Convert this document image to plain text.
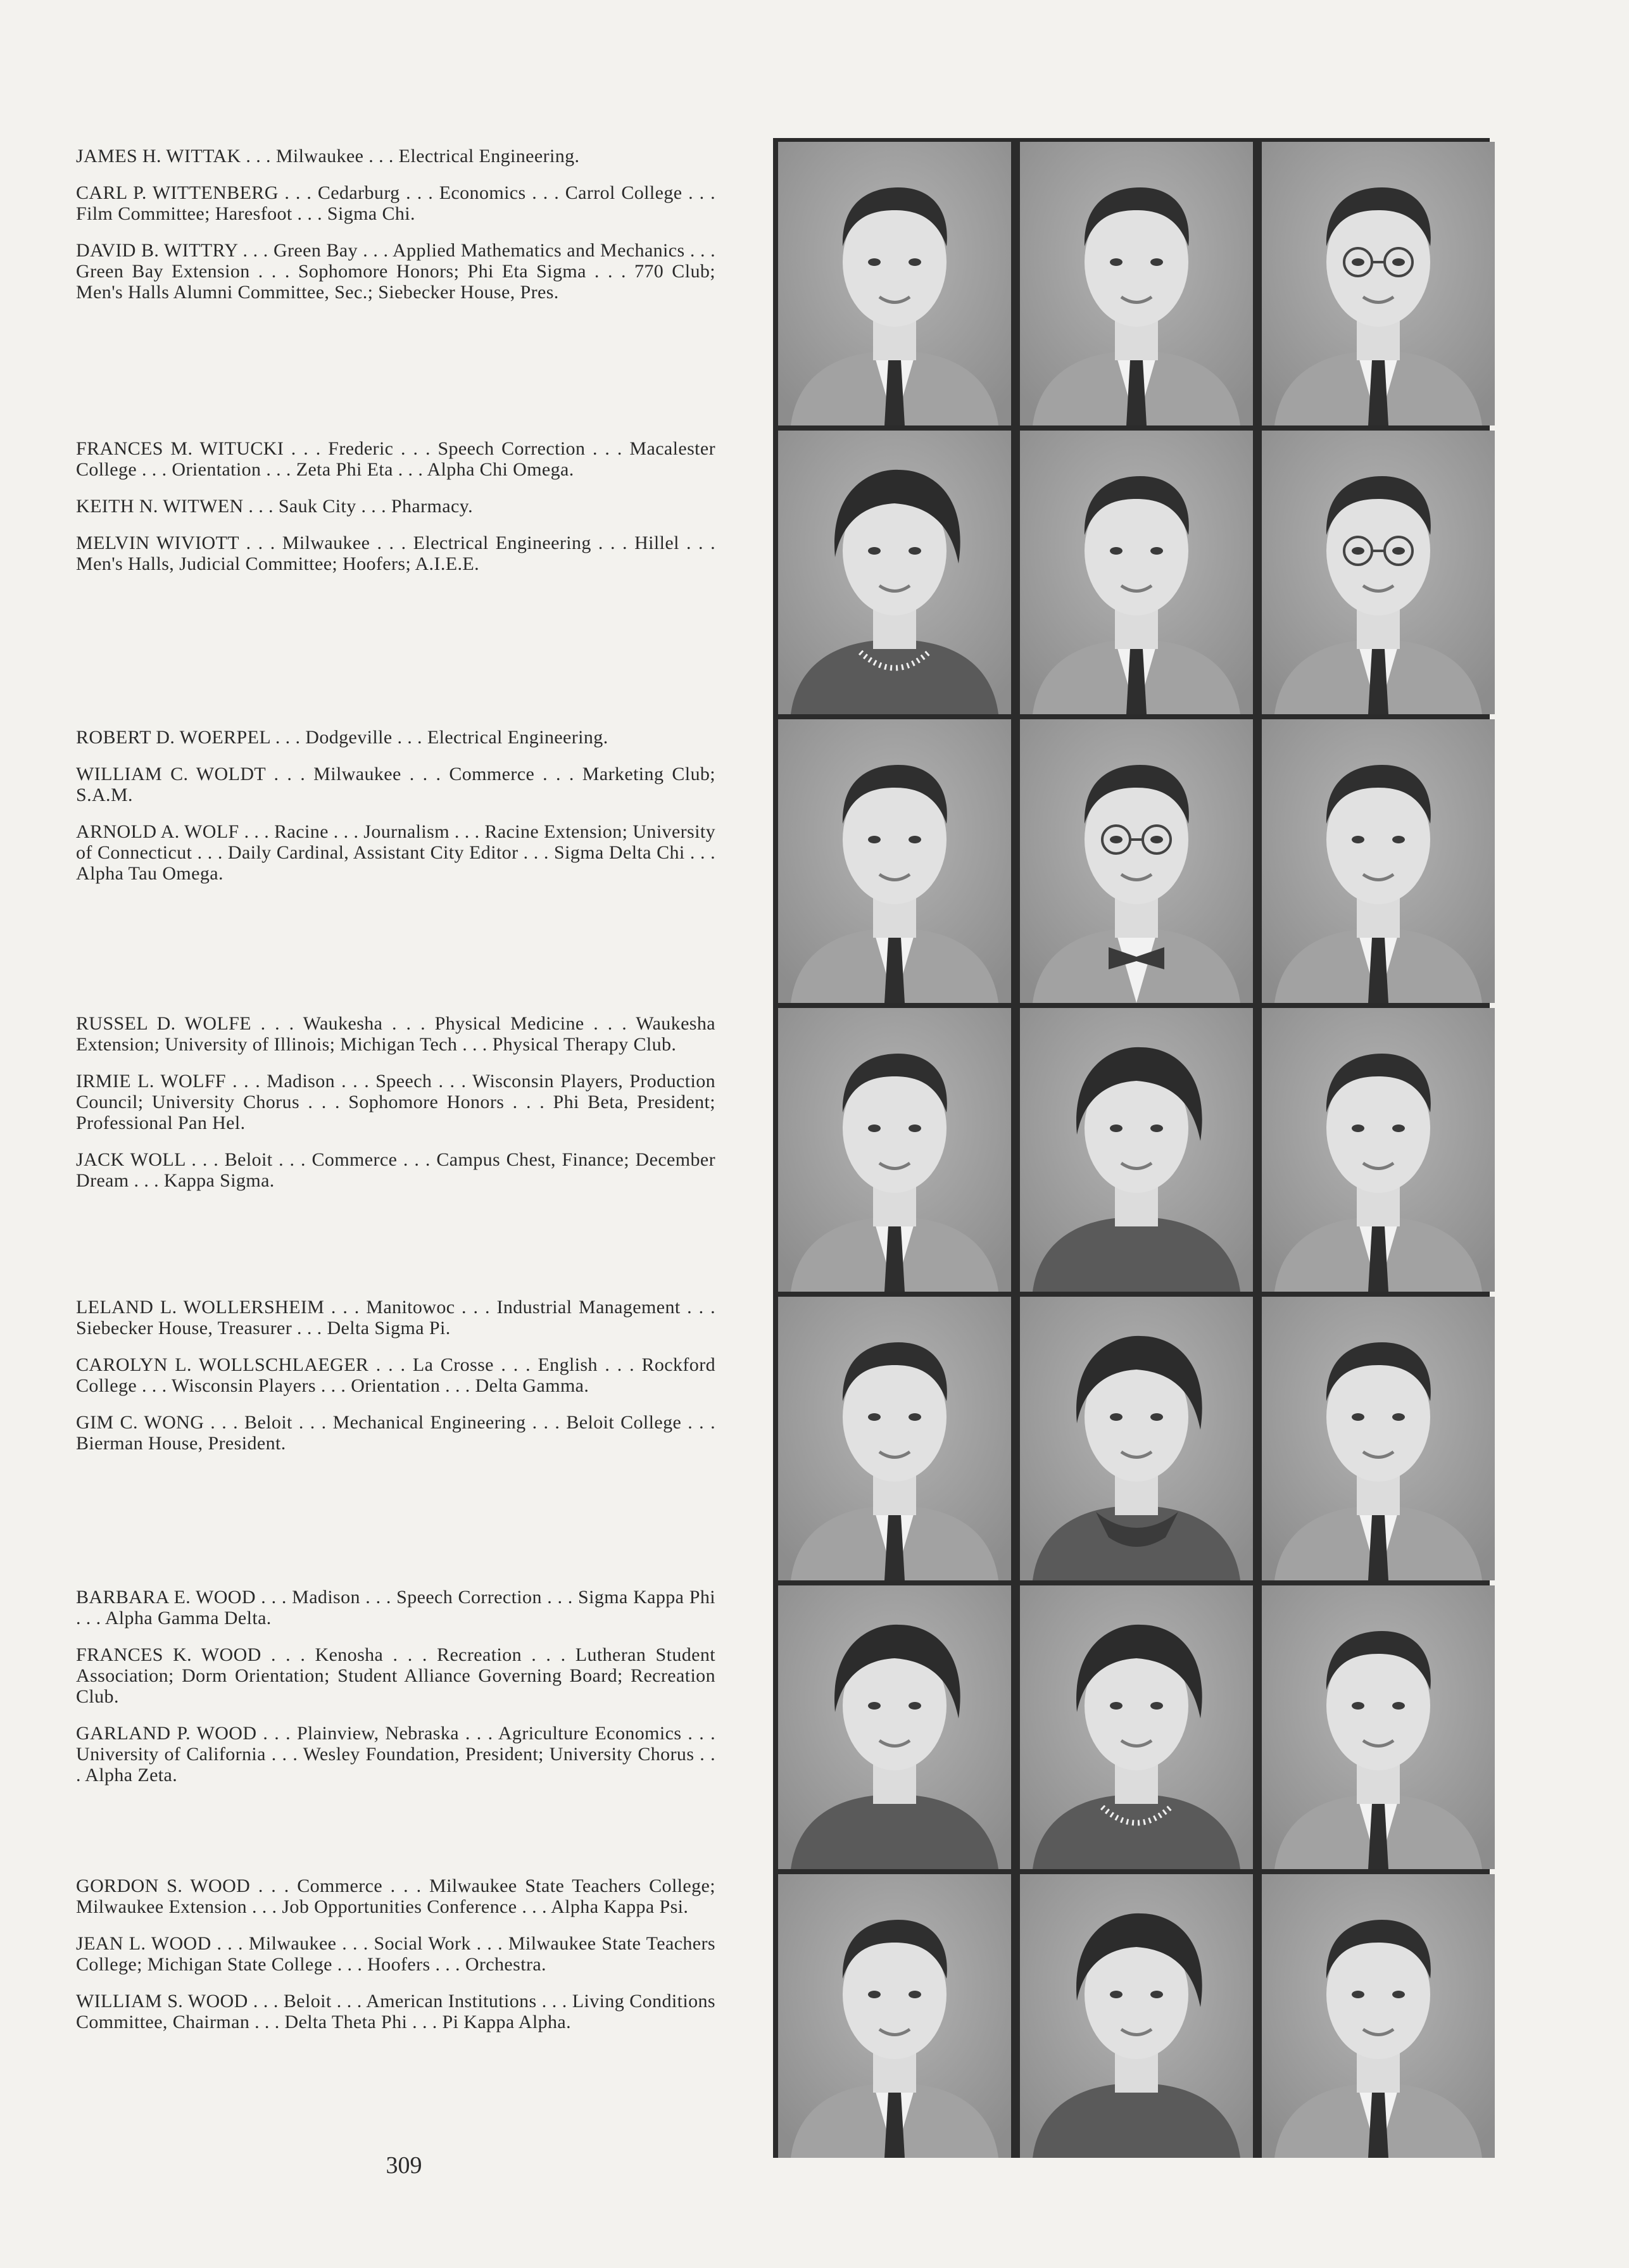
JAMES H. WITTAK . . . Milwaukee . . . Electrical Engineering.

CARL P. WITTENBERG . . . Cedarburg . . . Economics . . . Carrol College . . . Film Committee; Haresfoot . . . Sigma Chi.

DAVID B. WITTRY . . . Green Bay . . . Applied Mathematics and Mechanics . . . Green Bay Extension . . . Sophomore Honors; Phi Eta Sigma . . . 770 Club; Men's Halls Alumni Committee, Sec.; Siebecker House, Pres.

FRANCES M. WITUCKI . . . Frederic . . . Speech Correction . . . Macalester College . . . Orientation . . . Zeta Phi Eta . . . Alpha Chi Omega.

KEITH N. WITWEN . . . Sauk City . . . Pharmacy.

MELVIN WIVIOTT . . . Milwaukee . . . Electrical Engineering . . . Hillel . . . Men's Halls, Judicial Committee; Hoofers; A.I.E.E.

ROBERT D. WOERPEL . . . Dodgeville . . . Electrical Engineering.

WILLIAM C. WOLDT . . . Milwaukee . . . Commerce . . . Marketing Club; S.A.M.

ARNOLD A. WOLF . . . Racine . . . Journalism . . . Racine Extension; University of Connecticut . . . Daily Cardinal, Assistant City Editor . . . Sigma Delta Chi . . . Alpha Tau Omega.

RUSSEL D. WOLFE . . . Waukesha . . . Physical Medicine . . . Waukesha Extension; University of Illinois; Michigan Tech . . . Physical Therapy Club.

IRMIE L. WOLFF . . . Madison . . . Speech . . . Wisconsin Players, Production Council; University Chorus . . . Sophomore Honors . . . Phi Beta, President; Professional Pan Hel.

JACK WOLL . . . Beloit . . . Commerce . . . Campus Chest, Finance; December Dream . . . Kappa Sigma.

LELAND L. WOLLERSHEIM . . . Manitowoc . . . Industrial Management . . . Siebecker House, Treasurer . . . Delta Sigma Pi.

CAROLYN L. WOLLSCHLAEGER . . . La Crosse . . . English . . . Rockford College . . . Wisconsin Players . . . Orientation . . . Delta Gamma.

GIM C. WONG . . . Beloit . . . Mechanical Engineering . . . Beloit College . . . Bierman House, President.

BARBARA E. WOOD . . . Madison . . . Speech Correction . . . Sigma Kappa Phi . . . Alpha Gamma Delta.

FRANCES K. WOOD . . . Kenosha . . . Recreation . . . Lutheran Student Association; Dorm Orientation; Student Alliance Governing Board; Recreation Club.

GARLAND P. WOOD . . . Plainview, Nebraska . . . Agriculture Economics . . . University of California . . . Wesley Foundation, President; University Chorus . . . Alpha Zeta.

GORDON S. WOOD . . . Commerce . . . Milwaukee State Teachers College; Milwaukee Extension . . . Job Opportunities Conference . . . Alpha Kappa Psi.

JEAN L. WOOD . . . Milwaukee . . . Social Work . . . Milwaukee State Teachers College; Michigan State College . . . Hoofers . . . Orchestra.

WILLIAM S. WOOD . . . Beloit . . . American Institutions . . . Living Conditions Committee, Chairman . . . Delta Theta Phi . . . Pi Kappa Alpha.

309
